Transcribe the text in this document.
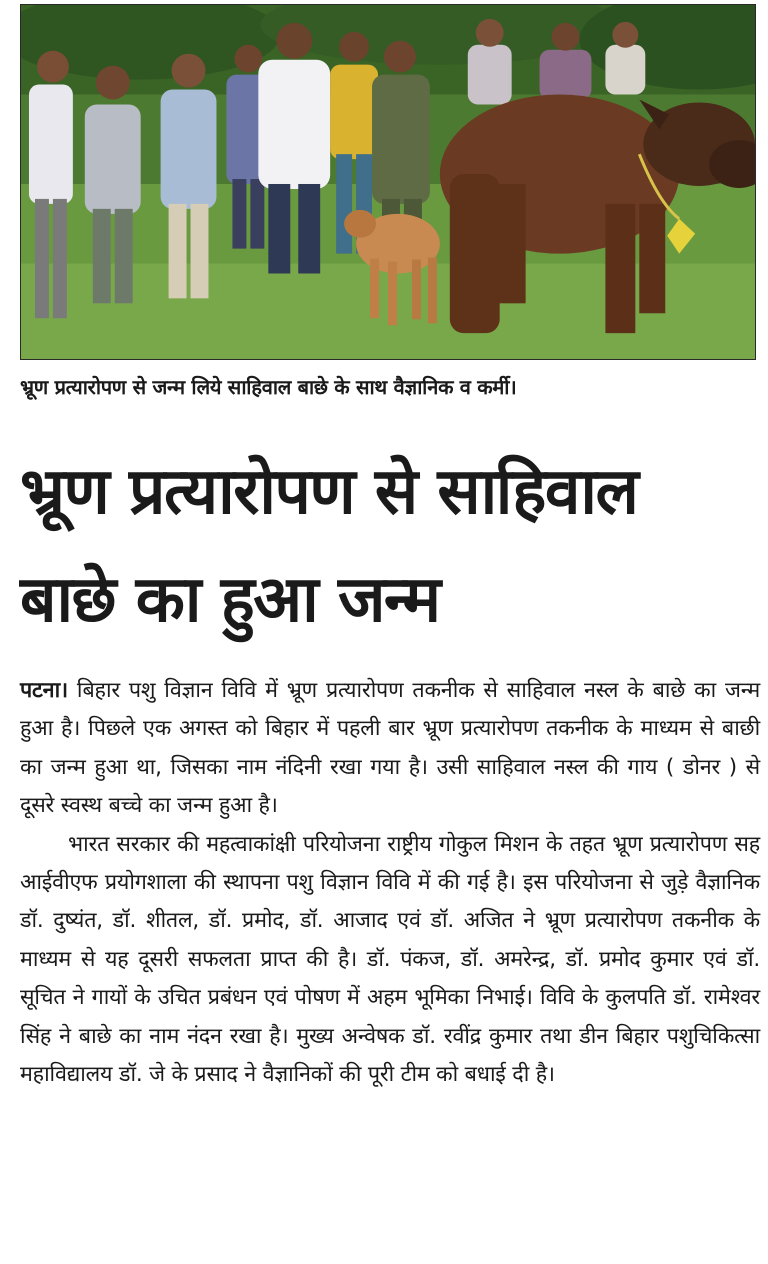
भ्रूण प्रत्यारोपण से जन्म लिये साहिवाल बाछे के साथ वैज्ञानिक व कर्मी।
भ्रूण प्रत्यारोपण से साहिवाल
बाछे का हुआ जन्म

पटना। बिहार पशु विज्ञान विवि में भ्रूण प्रत्यारोपण तकनीक से साहिवाल नस्ल के बाछे का जन्म हुआ है। पिछले एक अगस्त को बिहार में पहली बार भ्रूण प्रत्यारोपण तकनीक के माध्यम से बाछी का जन्म हुआ था, जिसका नाम नंदिनी रखा गया है। उसी साहिवाल नस्ल की गाय ( डोनर ) से दूसरे स्वस्थ बच्चे का जन्म हुआ है।

भारत सरकार की महत्वाकांक्षी परियोजना राष्ट्रीय गोकुल मिशन के तहत भ्रूण प्रत्यारोपण सह आईवीएफ प्रयोगशाला की स्थापना पशु विज्ञान विवि में की गई है। इस परियोजना से जुड़े वैज्ञानिक डॉ. दुष्यंत, डॉ. शीतल, डॉ. प्रमोद, डॉ. आजाद एवं डॉ. अजित ने भ्रूण प्रत्यारोपण तकनीक के माध्यम से यह दूसरी सफलता प्राप्त की है। डॉ. पंकज, डॉ. अमरेन्द्र, डॉ. प्रमोद कुमार एवं डॉ. सूचित ने गायों के उचित प्रबंधन एवं पोषण में अहम भूमिका निभाई। विवि के कुलपति डॉ. रामेश्वर सिंह ने बाछे का नाम नंदन रखा है। मुख्य अन्वेषक डॉ. रवींद्र कुमार तथा डीन बिहार पशुचिकित्सा महाविद्यालय डॉ. जे के प्रसाद ने वैज्ञानिकों की पूरी टीम को बधाई दी है।
